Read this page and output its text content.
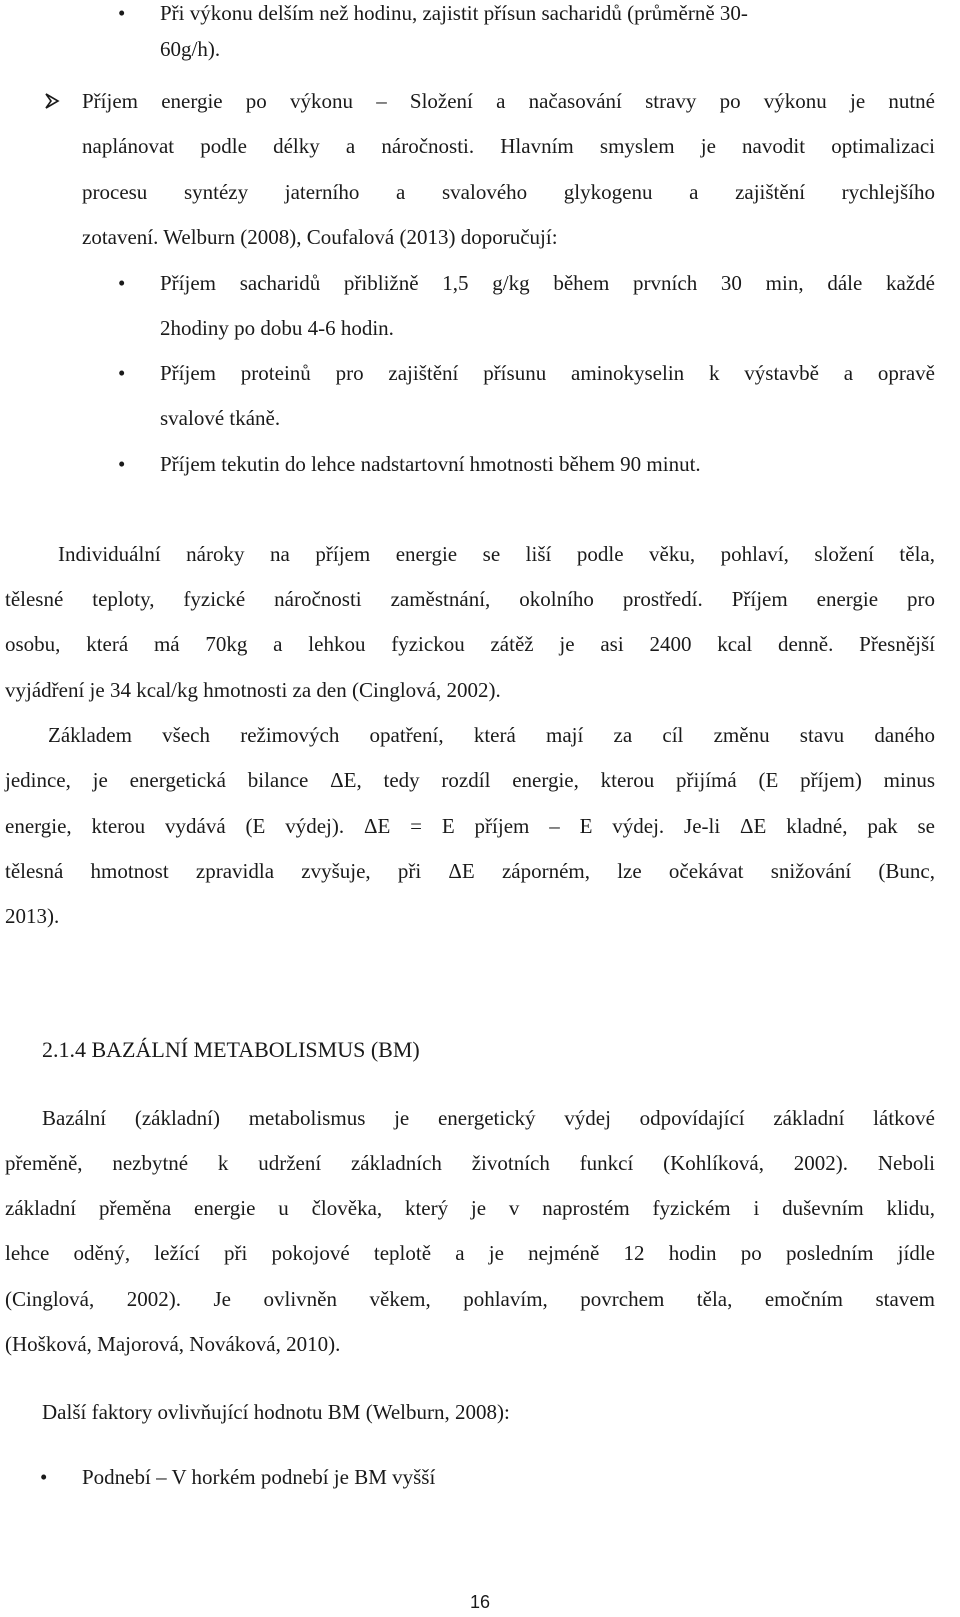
• Při výkonu delším než hodinu, zajistit přísun sacharidů (průměrně 30-
60g/h).
Příjem energie po výkonu – Složení a načasování stravy po výkonu je nutné
naplánovat podle délky a náročnosti. Hlavním smyslem je navodit optimalizaci
procesu syntézy jaterního a svalového glykogenu a zajištění rychlejšího
zotavení. Welburn (2008), Coufalová (2013) doporučují:
• Příjem sacharidů přibližně 1,5 g/kg během prvních 30 min, dále každé
2hodiny po dobu 4-6 hodin.
• Příjem proteinů pro zajištění přísunu aminokyselin k výstavbě a opravě
svalové tkáně.
• Příjem tekutin do lehce nadstartovní hmotnosti během 90 minut.
Individuální nároky na příjem energie se liší podle věku, pohlaví, složení těla,
tělesné teploty, fyzické náročnosti zaměstnání, okolního prostředí. Příjem energie pro
osobu, která má 70kg a lehkou fyzickou zátěž je asi 2400 kcal denně. Přesnější
vyjádření je 34 kcal/kg hmotnosti za den (Cinglová, 2002).
Základem všech režimových opatření, která mají za cíl změnu stavu daného
jedince, je energetická bilance ΔE, tedy rozdíl energie, kterou přijímá (E příjem) minus
energie, kterou vydává (E výdej). ΔE = E příjem – E výdej. Je-li ΔE kladné, pak se
tělesná hmotnost zpravidla zvyšuje, při ΔE záporném, lze očekávat snižování (Bunc,
2013).
2.1.4 BAZÁLNÍ METABOLISMUS (BM)
Bazální (základní) metabolismus je energetický výdej odpovídající základní látkové
přeměně, nezbytné k udržení základních životních funkcí (Kohlíková, 2002). Neboli
základní přeměna energie u člověka, který je v naprostém fyzickém i duševním klidu,
lehce oděný, ležící při pokojové teplotě a je nejméně 12 hodin po posledním jídle
(Cinglová, 2002). Je ovlivněn věkem, pohlavím, povrchem těla, emočním stavem
(Hošková, Majorová, Nováková, 2010).
Další faktory ovlivňující hodnotu BM (Welburn, 2008):
• Podnebí – V horkém podnebí je BM vyšší
16
